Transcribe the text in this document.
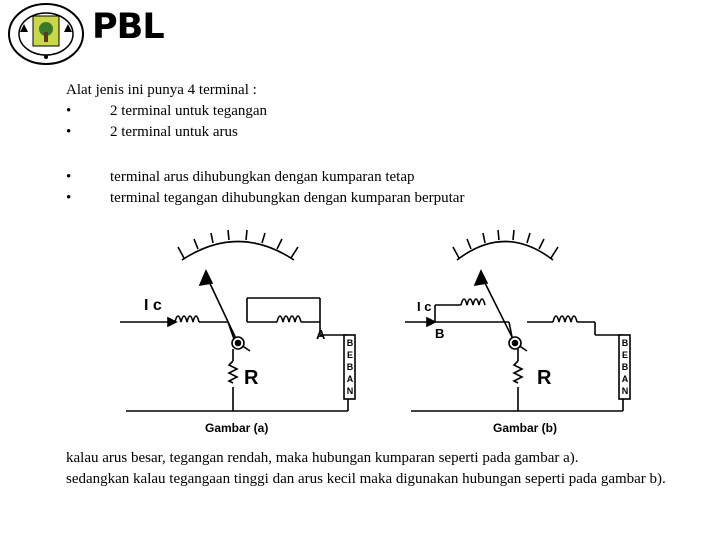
PBL
Alat jenis ini punya 4 terminal :
•	2 terminal untuk tegangan
•	2 terminal untuk arus
•	terminal arus dihubungkan dengan kumparan tetap
•	terminal tegangan dihubungkan dengan kumparan berputar
I c
A
R
B
E
B
A
N
Gambar (a)
I c
B
R
B
E
B
A
N
Gambar (b)
kalau arus besar, tegangan rendah, maka hubungan kumparan seperti pada gambar a).
sedangkan kalau tegangaan tinggi dan arus kecil maka digunakan hubungan seperti pada gambar b).
